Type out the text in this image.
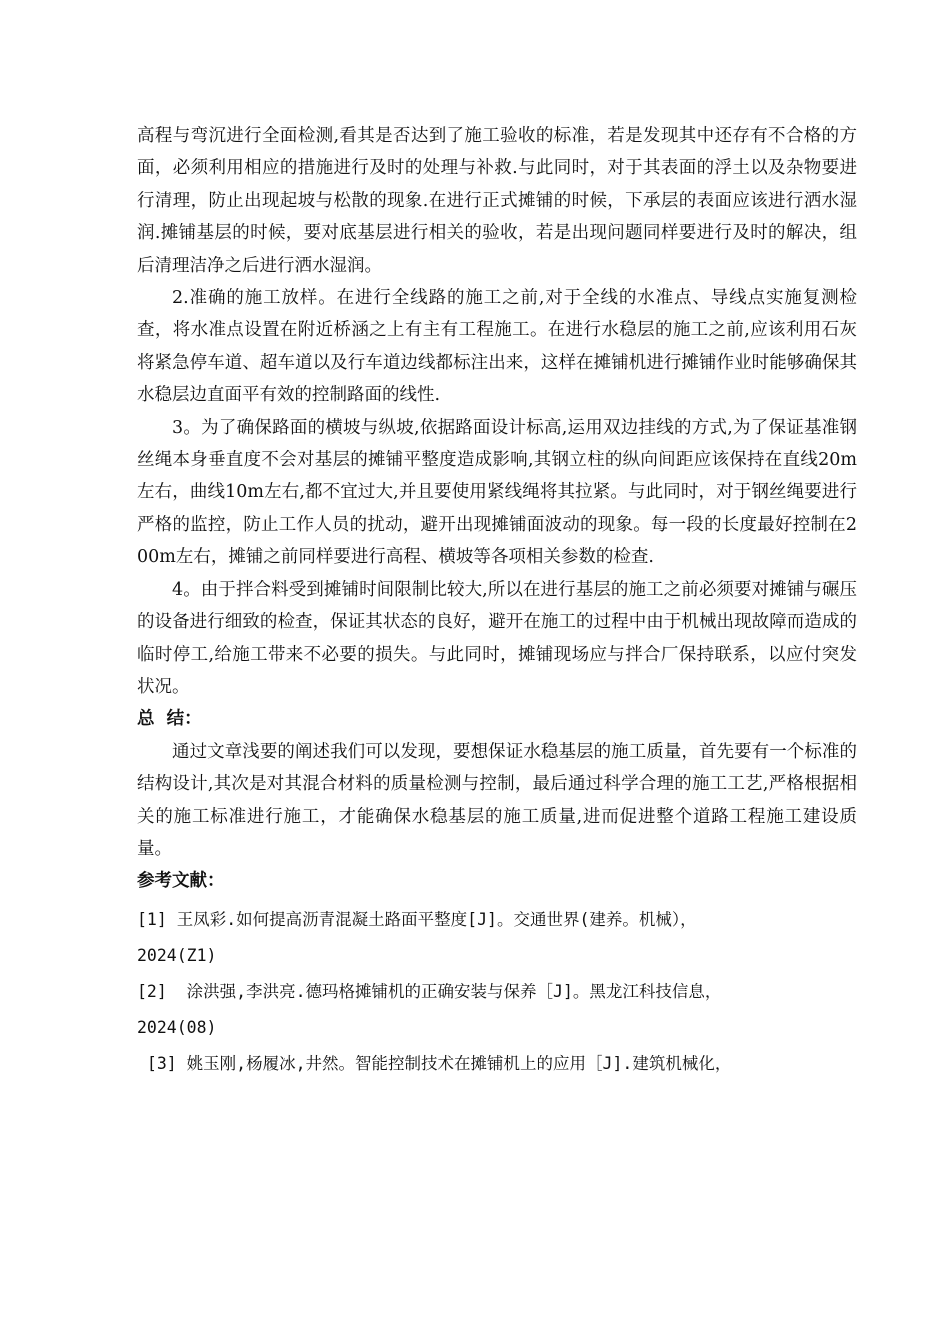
高程与弯沉进行全面检测,看其是否达到了施工验收的标准，若是发现其中还存有不合格的方面，必须利用相应的措施进行及时的处理与补救.与此同时，对于其表面的浮土以及杂物要进行清理，防止出现起坡与松散的现象.在进行正式摊铺的时候，下承层的表面应该进行洒水湿润.摊铺基层的时候，要对底基层进行相关的验收，若是出现问题同样要进行及时的解决，组后清理洁净之后进行洒水湿润。

2.准确的施工放样。在进行全线路的施工之前,对于全线的水准点、导线点实施复测检查，将水准点设置在附近桥涵之上有主有工程施工。在进行水稳层的施工之前,应该利用石灰将紧急停车道、超车道以及行车道边线都标注出来，这样在摊铺机进行摊铺作业时能够确保其水稳层边直面平有效的控制路面的线性.

3。为了确保路面的横坡与纵坡,依据路面设计标高,运用双边挂线的方式,为了保证基准钢丝绳本身垂直度不会对基层的摊铺平整度造成影响,其钢立柱的纵向间距应该保持在直线20m左右，曲线10m左右,都不宜过大,并且要使用紧线绳将其拉紧。与此同时，对于钢丝绳要进行严格的监控，防止工作人员的扰动，避开出现摊铺面波动的现象。每一段的长度最好控制在200m左右，摊铺之前同样要进行高程、横坡等各项相关参数的检查.

4。由于拌合料受到摊铺时间限制比较大,所以在进行基层的施工之前必须要对摊铺与碾压的设备进行细致的检查，保证其状态的良好，避开在施工的过程中由于机械出现故障而造成的临时停工,给施工带来不必要的损失。与此同时，摊铺现场应与拌合厂保持联系，以应付突发状况。

总  结：

通过文章浅要的阐述我们可以发现，要想保证水稳基层的施工质量，首先要有一个标准的结构设计,其次是对其混合材料的质量检测与控制，最后通过科学合理的施工工艺,严格根据相关的施工标准进行施工，才能确保水稳基层的施工质量,进而促进整个道路工程施工建设质量。

参考文献：

[1] 王凤彩.如何提高沥青混凝土路面平整度[J]。交通世界(建养。机械），

2024(Z1)

[2]  涂洪强,李洪亮.德玛格摊铺机的正确安装与保养［J]。黑龙江科技信息，

2024(08)

[3] 姚玉刚,杨履冰,井然。智能控制技术在摊铺机上的应用［J].建筑机械化，
